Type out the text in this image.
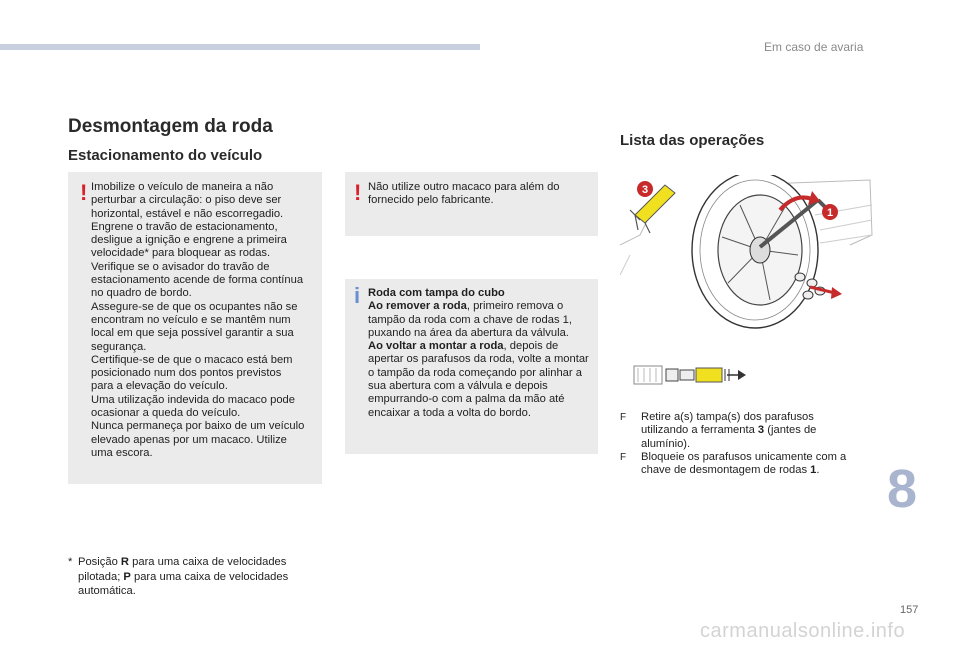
Em caso de avaria
Desmontagem da roda
Estacionamento do veículo
Lista das operações
! Imobilize o veículo de maneira a não
perturbar a circulação: o piso deve ser
horizontal, estável e não escorregadio.
Engrene o travão de estacionamento,
desligue a ignição e engrene a primeira
velocidade* para bloquear as rodas.
Verifique se o avisador do travão de
estacionamento acende de forma contínua
no quadro de bordo.
Assegure-se de que os ocupantes não se
encontram no veículo e se mantêm num
local em que seja possível garantir a sua
segurança.
Certifique-se de que o macaco está bem
posicionado num dos pontos previstos
para a elevação do veículo.
Uma utilização indevida do macaco pode
ocasionar a queda do veículo.
Nunca permaneça por baixo de um veículo
elevado apenas por um macaco. Utilize
uma escora.

! Não utilize outro macaco para além do
fornecido pelo fabricante.

i Roda com tampa do cubo
Ao remover a roda, primeiro remova o tampão da roda com a chave de rodas 1, puxando na área da abertura da válvula.
Ao voltar a montar a roda, depois de apertar os parafusos da roda, volte a montar o tampão da roda começando por alinhar a sua abertura com a válvula e depois empurrando-o com a palma da mão até encaixar a toda a volta do bordo.
* Posição R para uma caixa de velocidades pilotada; P para uma caixa de velocidades automática.
1
3
F Retire a(s) tampa(s) dos parafusos utilizando a ferramenta 3 (jantes de alumínio).
F Bloqueie os parafusos unicamente com a chave de desmontagem de rodas 1.	8
157
carmanualsonline.info
